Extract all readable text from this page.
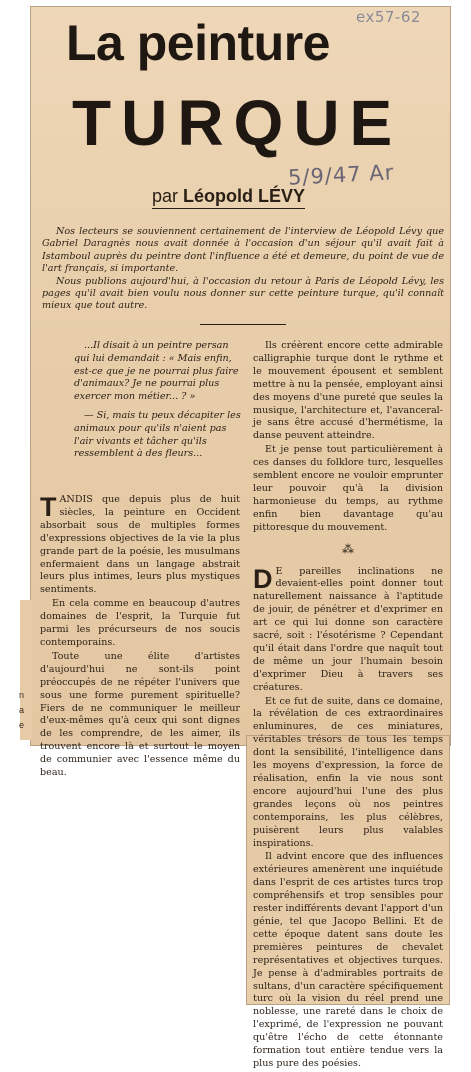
ex57-62
5/9/47 Ar
n
a
e
La peinture
TURQUE
par Léopold LÉVY

Nos lecteurs se souviennent certainement de l'interview de Léopold Lévy que Gabriel Daragnès nous avait donnée à l'occasion d'un séjour qu'il avait fait à Istamboul auprès du peintre dont l'influence a été et demeure, du point de vue de l'art français, si importante.

Nous publions aujourd'hui, à l'occasion du retour à Paris de Léopold Lévy, les pages qu'il avait bien voulu nous donner sur cette peinture turque, qu'il connaît mieux que tout autre.

...Il disait à un peintre persan qui lui demandait : « Mais enfin, est-ce que je ne pourrai plus faire d'animaux? Je ne pourrai plus exercer mon métier... ? »

— Si, mais tu peux décapiter les animaux pour qu'ils n'aient pas l'air vivants et tâcher qu'ils ressemblent à des fleurs...

TANDIS que depuis plus de huit siècles, la peinture en Occident absorbait sous de multiples formes d'expressions objectives de la vie la plus grande part de la poésie, les musulmans enfermaient dans un langage abstrait leurs plus intimes, leurs plus mystiques sentiments.

En cela comme en beaucoup d'autres domaines de l'esprit, la Turquie fut parmi les précurseurs de nos soucis contemporains.

Toute une élite d'artistes d'aujourd'hui ne sont-ils point préoccupés de ne répéter l'univers que sous une forme purement spirituelle? Fiers de ne communiquer le meilleur d'eux-mêmes qu'à ceux qui sont dignes de les comprendre, de les aimer, ils trouvent encore là et surtout le moyen de communier avec l'essence même du beau.

Ils créèrent encore cette admirable calligraphie turque dont le rythme et le mouvement épousent et semblent mettre à nu la pensée, employant ainsi des moyens d'une pureté que seules la musique, l'architecture et, l'avanceral-je sans être accusé d'hermétisme, la danse peuvent atteindre.

Et je pense tout particulièrement à ces danses du folklore turc, lesquelles semblent encore ne vouloir emprunter leur pouvoir qu'à la division harmonieuse du temps, au rythme enfin bien davantage qu'au pittoresque du mouvement.

⁂

D E pareilles inclinations ne devaient-elles point donner tout naturellement naissance à l'aptitude de jouir, de pénétrer et d'exprimer en art ce qui lui donne son caractère sacré, soit : l'ésotérisme ? Cependant qu'il était dans l'ordre que naquît tout de même un jour l'humain besoin d'exprimer Dieu à travers ses créatures.

Et ce fut de suite, dans ce domaine, la révélation de ces extraordinaires enluminures, de ces miniatures, véritables trésors de tous les temps dont la sensibilité, l'intelligence dans les moyens d'expression, la force de réalisation, enfin la vie nous sont encore aujourd'hui l'une des plus grandes leçons où nos peintres contemporains, les plus célèbres, puisèrent leurs plus valables inspirations.

Il advint encore que des influences extérieures amenèrent une inquiétude dans l'esprit de ces artistes turcs trop compréhensifs et trop sensibles pour rester indifférents devant l'apport d'un génie, tel que Jacopo Bellini. Et de cette époque datent sans doute les premières peintures de chevalet représentatives et objectives turques. Je pense à d'admirables portraits de sultans, d'un caractère spécifiquement turc où la vision du réel prend une noblesse, une rareté dans le choix de l'exprimé, de l'expression ne pouvant qu'être l'écho de cette étonnante formation tout entière tendue vers la plus pure des poésies.
